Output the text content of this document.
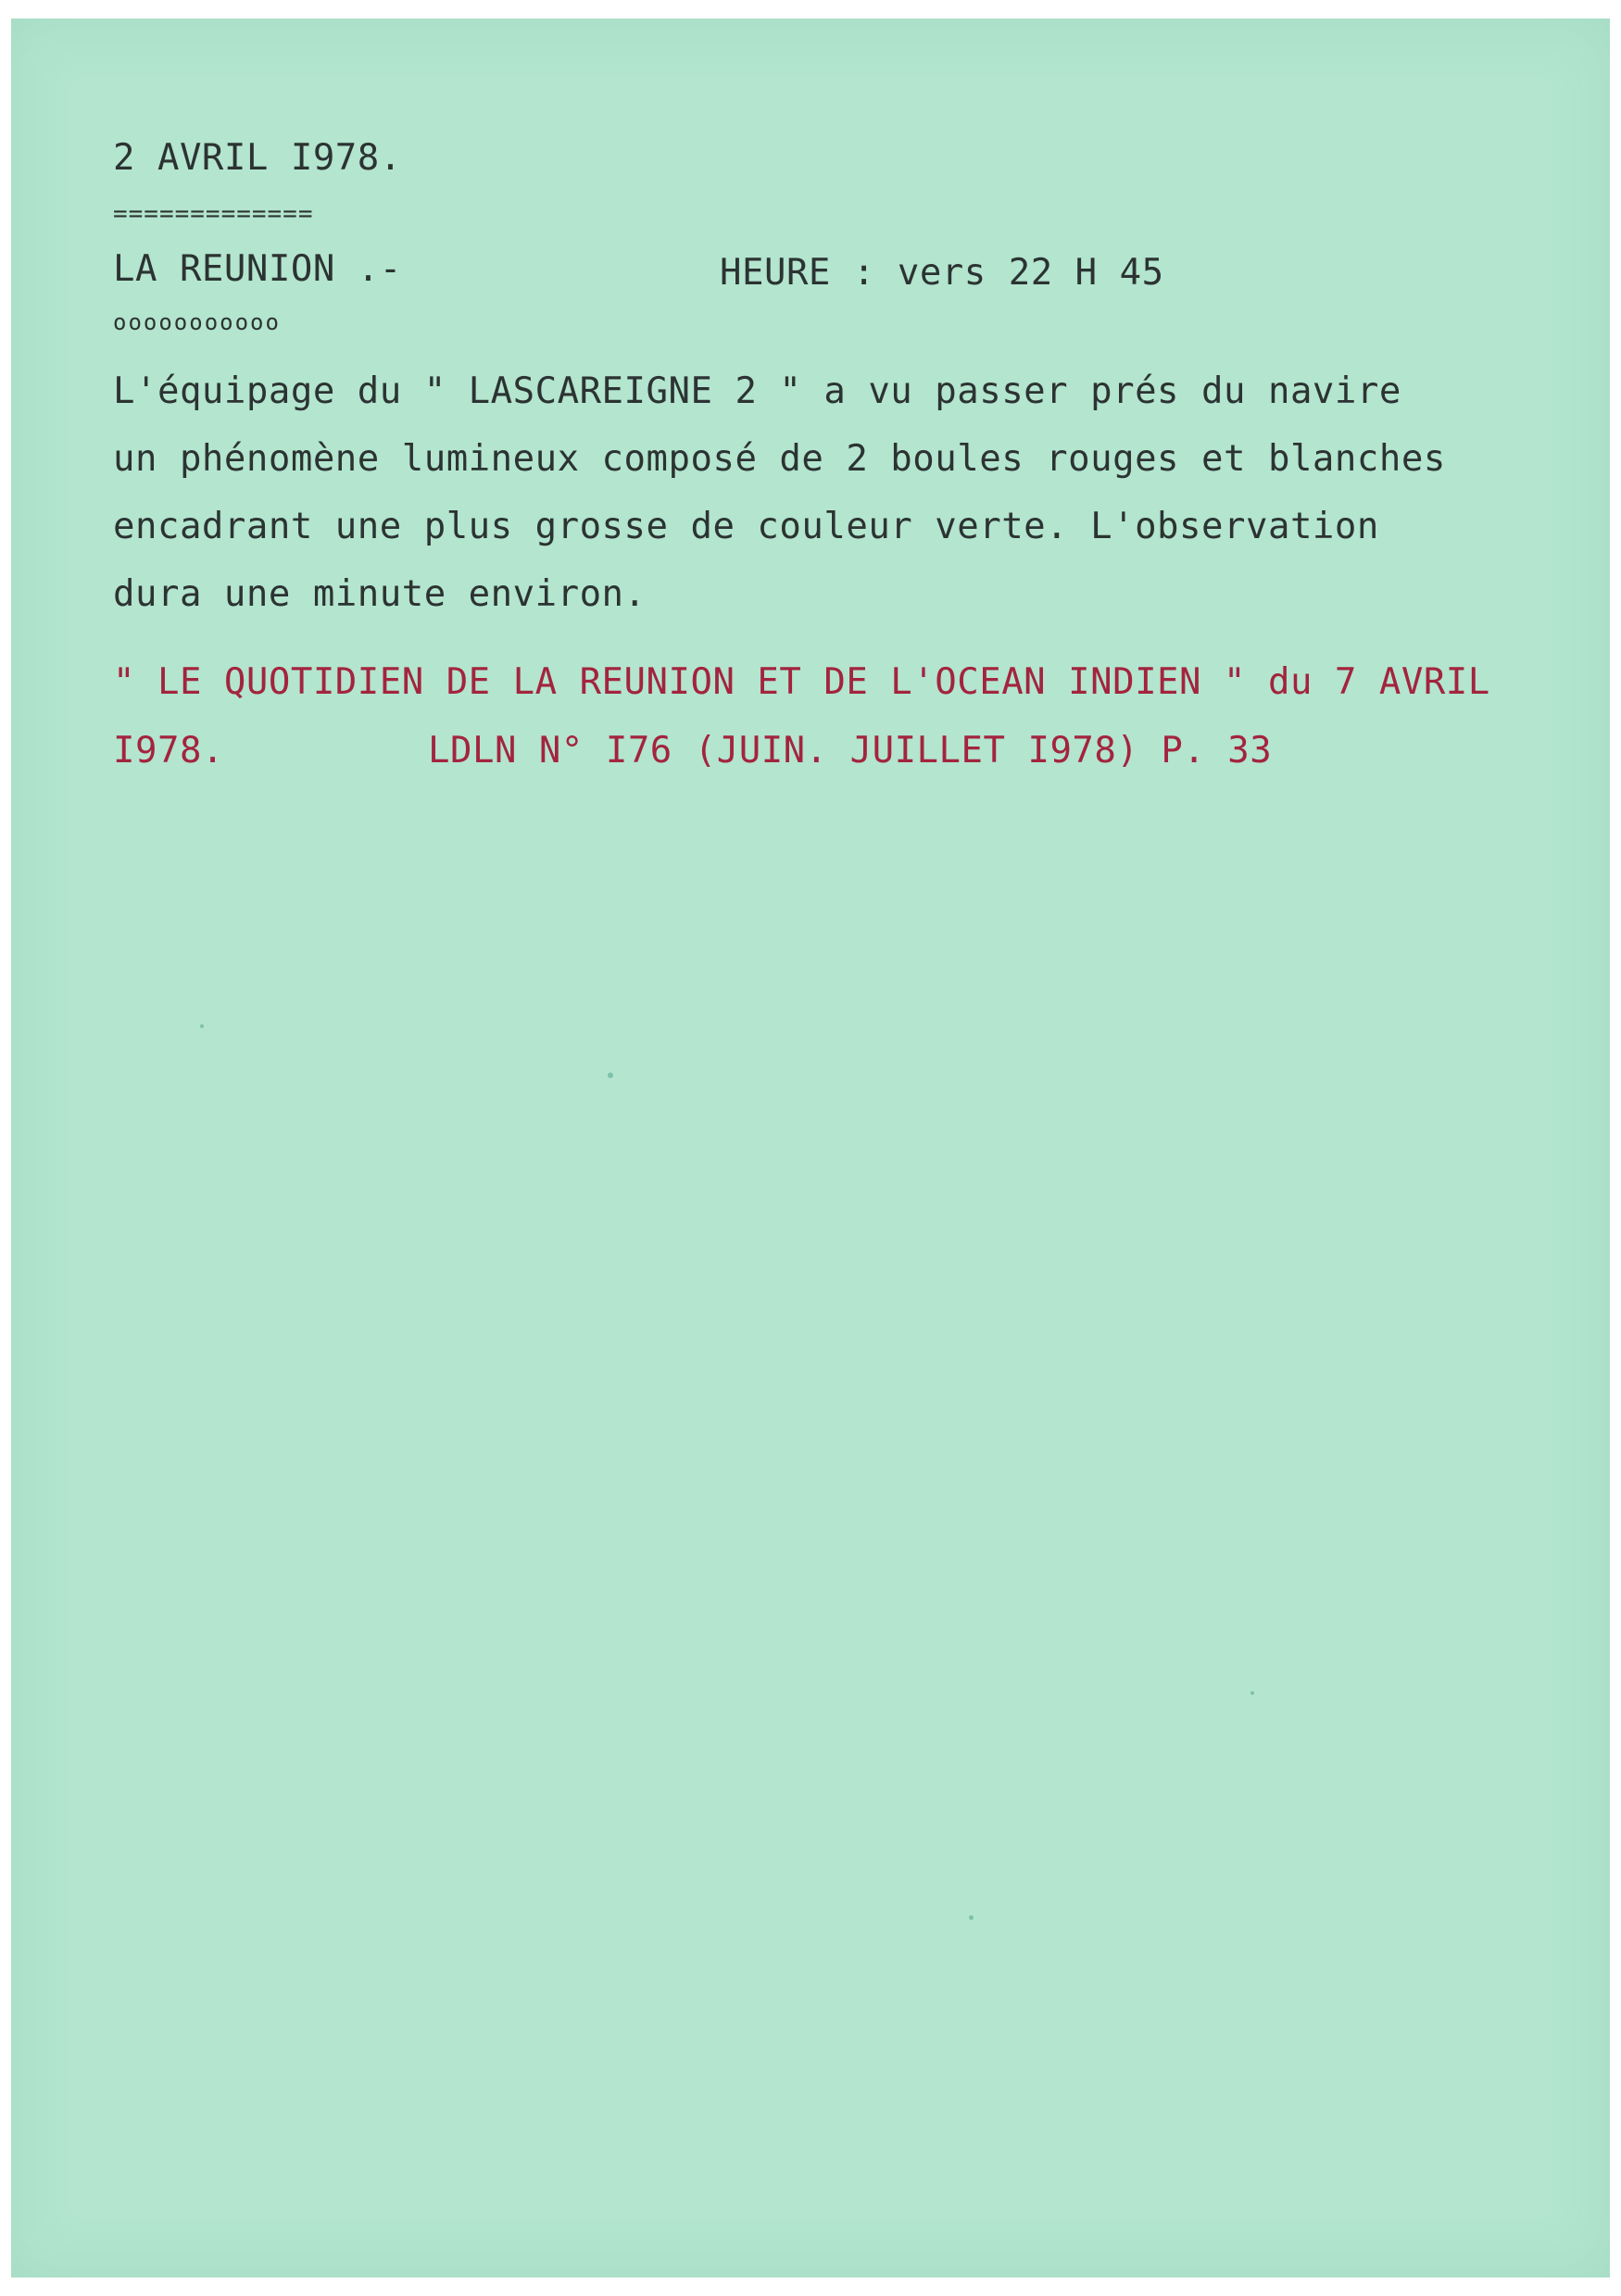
2 AVRIL I978.
=============
LA REUNION .-
ooooooooooo
HEURE : vers 22 H 45
L'équipage du " LASCAREIGNE 2 " a vu passer prés du navire
un phénomène lumineux composé de 2 boules rouges et blanches
encadrant une plus grosse de couleur verte. L'observation
dura une minute environ.
" LE QUOTIDIEN DE LA REUNION ET DE L'OCEAN INDIEN " du 7 AVRIL
I978.	LDLN N° I76 (JUIN. JUILLET I978) P. 33
